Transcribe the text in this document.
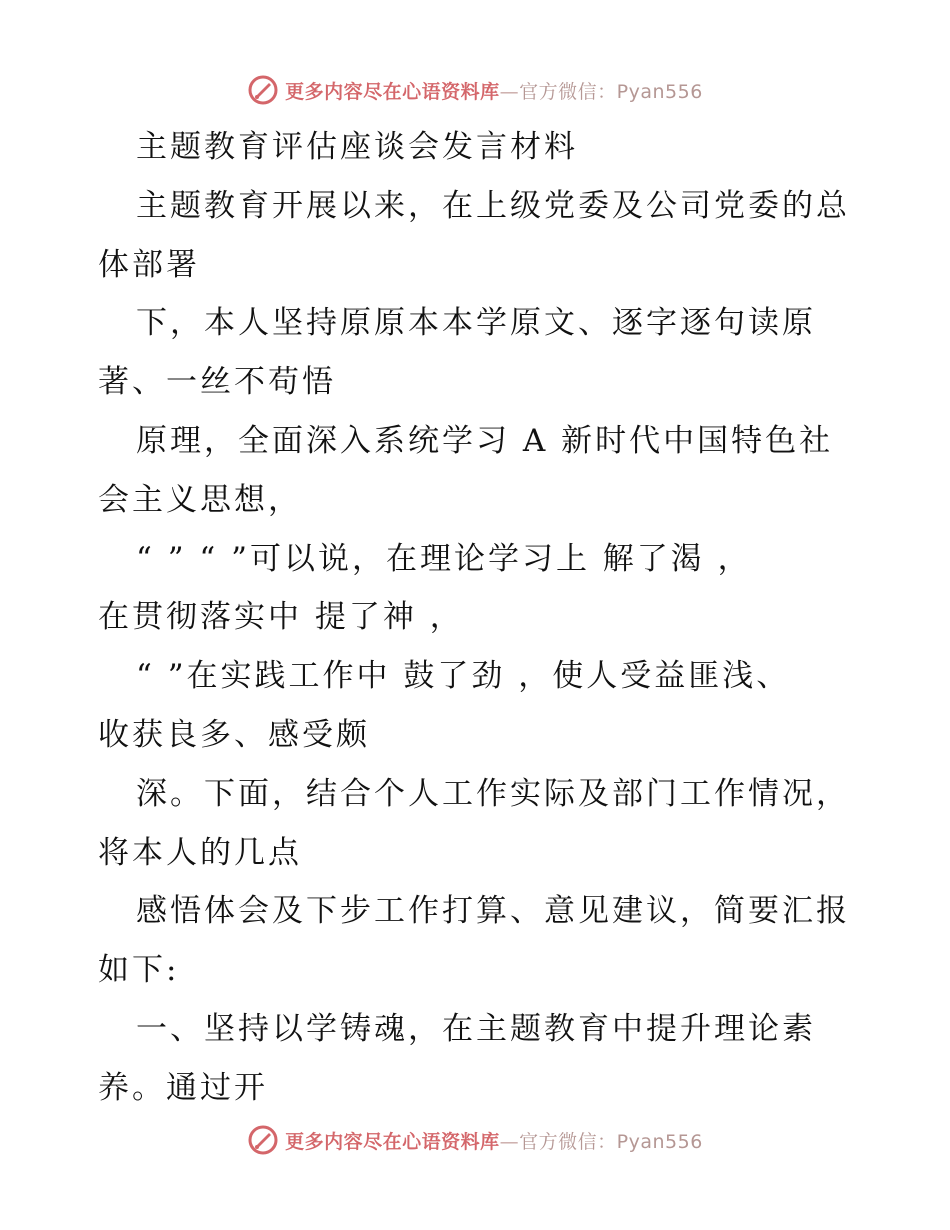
更多内容尽在心语资料库—官方微信：Pyan556
主题教育评估座谈会发言材料
主题教育开展以来，在上级党委及公司党委的总
体部署
下，本人坚持原原本本学原文、逐字逐句读原
著、一丝不苟悟
原理，全面深入系统学习 A 新时代中国特色社
会主义思想，
“ ” “ ”可以说，在理论学习上 解了渴 ，
在贯彻落实中 提了神 ，
“ ”在实践工作中 鼓了劲 ，使人受益匪浅、
收获良多、感受颇
深。下面，结合个人工作实际及部门工作情况，
将本人的几点
感悟体会及下步工作打算、意见建议，简要汇报
如下:
一、坚持以学铸魂，在主题教育中提升理论素
养。通过开
更多内容尽在心语资料库—官方微信：Pyan556
